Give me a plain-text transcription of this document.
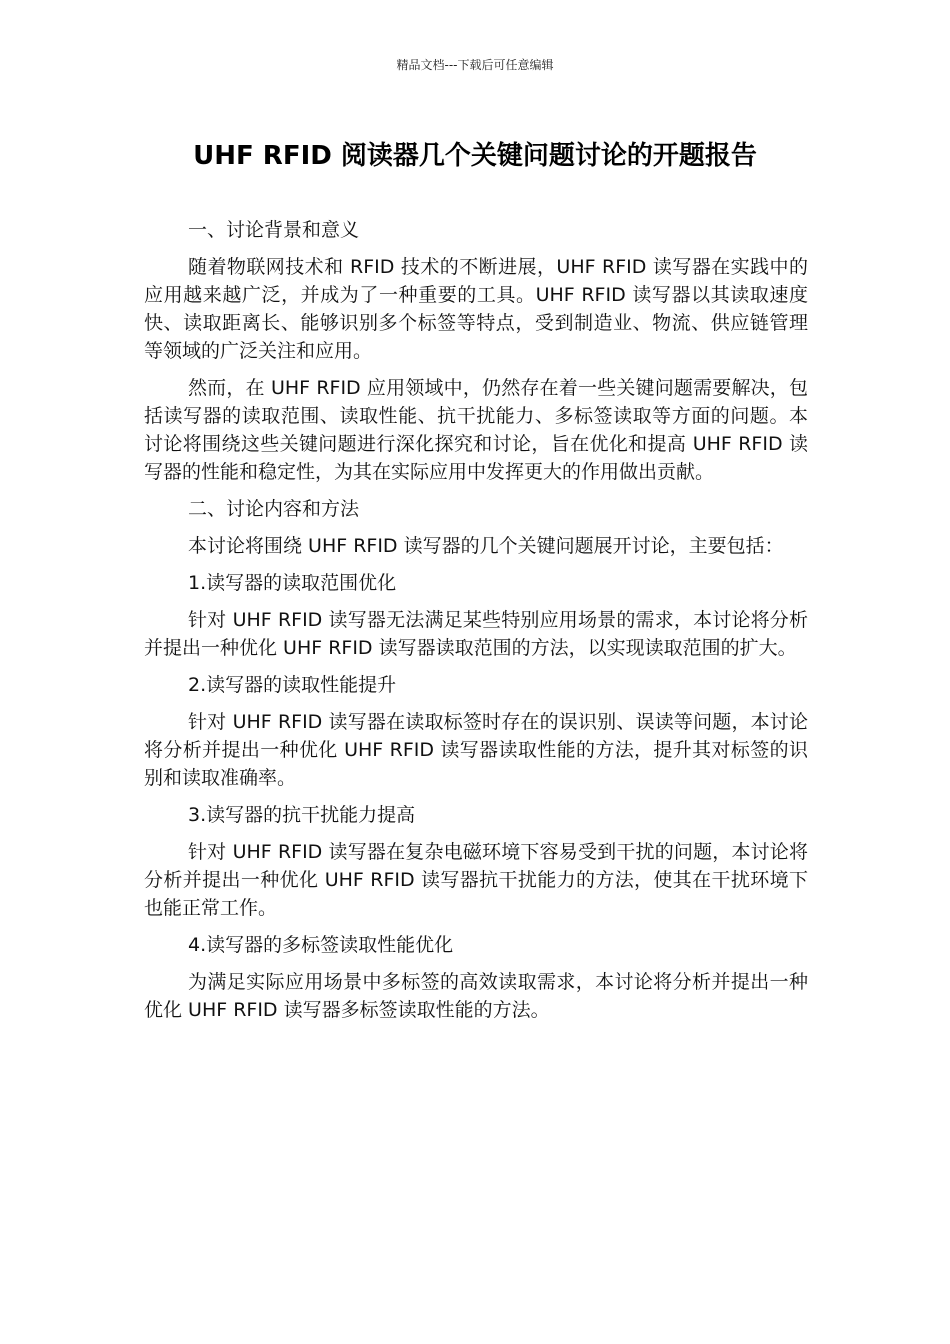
精品文档---下载后可任意编辑
UHF RFID 阅读器几个关键问题讨论的开题报告

一、讨论背景和意义

随着物联网技术和 RFID 技术的不断进展，UHF RFID 读写器在实践中的应用越来越广泛，并成为了一种重要的工具。UHF RFID 读写器以其读取速度快、读取距离长、能够识别多个标签等特点，受到制造业、物流、供应链管理等领域的广泛关注和应用。

然而，在 UHF RFID 应用领域中，仍然存在着一些关键问题需要解决，包括读写器的读取范围、读取性能、抗干扰能力、多标签读取等方面的问题。本讨论将围绕这些关键问题进行深化探究和讨论，旨在优化和提高 UHF RFID 读写器的性能和稳定性，为其在实际应用中发挥更大的作用做出贡献。

二、讨论内容和方法

本讨论将围绕 UHF RFID 读写器的几个关键问题展开讨论，主要包括：

1.读写器的读取范围优化

针对 UHF RFID 读写器无法满足某些特别应用场景的需求，本讨论将分析并提出一种优化 UHF RFID 读写器读取范围的方法，以实现读取范围的扩大。

2.读写器的读取性能提升

针对 UHF RFID 读写器在读取标签时存在的误识别、误读等问题，本讨论将分析并提出一种优化 UHF RFID 读写器读取性能的方法，提升其对标签的识别和读取准确率。

3.读写器的抗干扰能力提高

针对 UHF RFID 读写器在复杂电磁环境下容易受到干扰的问题，本讨论将分析并提出一种优化 UHF RFID 读写器抗干扰能力的方法，使其在干扰环境下也能正常工作。

4.读写器的多标签读取性能优化

为满足实际应用场景中多标签的高效读取需求，本讨论将分析并提出一种优化 UHF RFID 读写器多标签读取性能的方法。
